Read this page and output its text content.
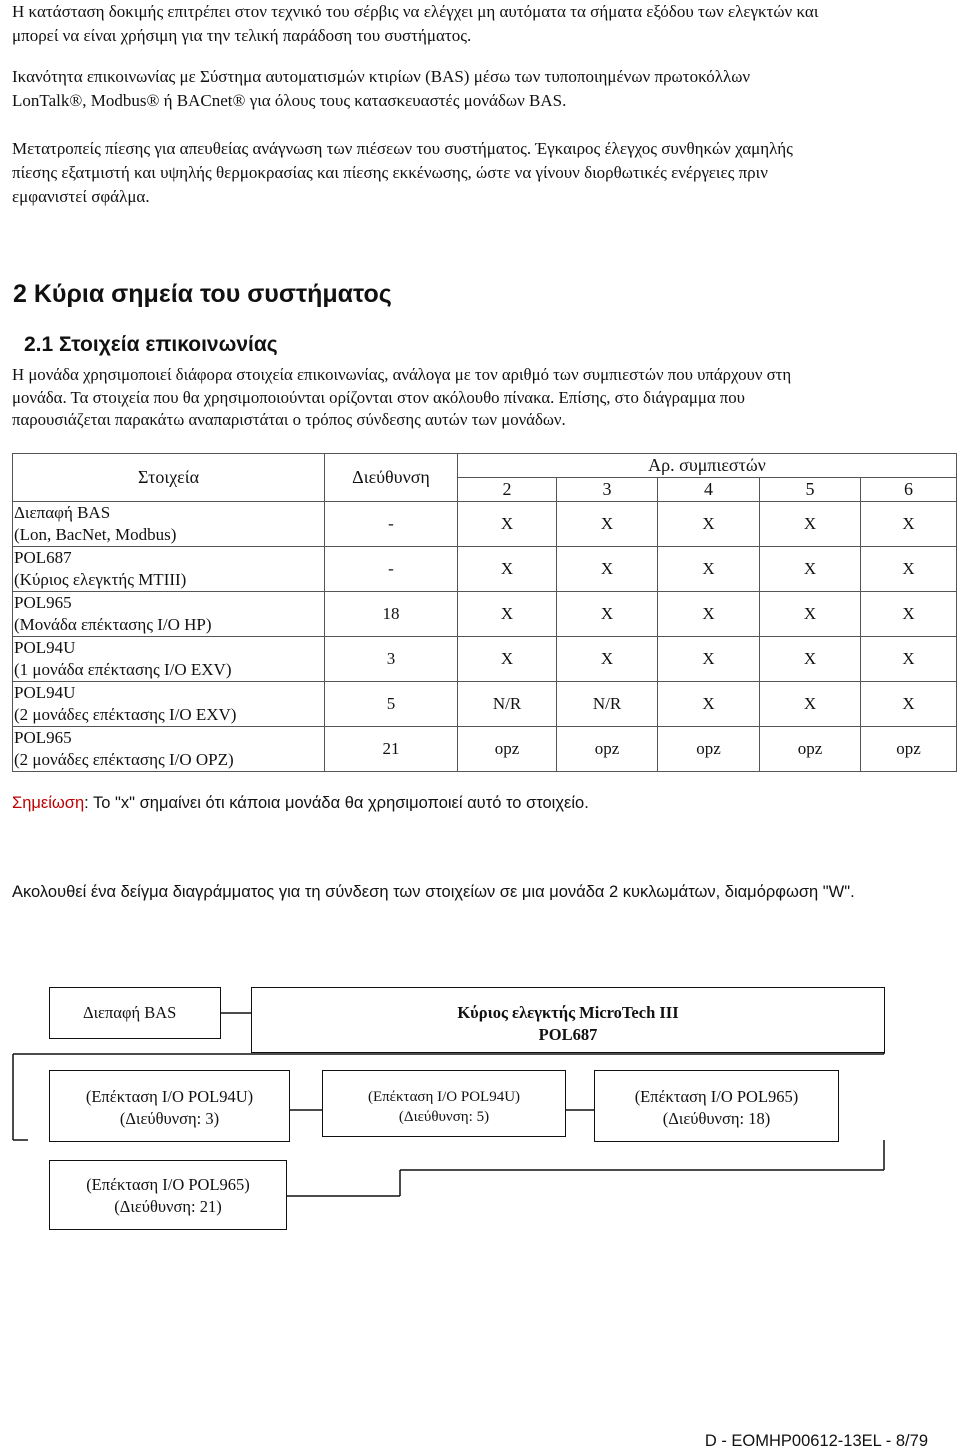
Η κατάσταση δοκιμής επιτρέπει στον τεχνικό του σέρβις να ελέγχει μη αυτόματα τα σήματα εξόδου των ελεγκτών και
μπορεί να είναι χρήσιμη για την τελική παράδοση του συστήματος.
Ικανότητα επικοινωνίας με Σύστημα αυτοματισμών κτιρίων (BAS) μέσω των τυποποιημένων πρωτοκόλλων
LonTalk®, Modbus® ή BACnet® για όλους τους κατασκευαστές μονάδων BAS.
Μετατροπείς πίεσης για απευθείας ανάγνωση των πιέσεων του συστήματος. Έγκαιρος έλεγχος συνθηκών χαμηλής
πίεσης εξατμιστή και υψηλής θερμοκρασίας και πίεσης εκκένωσης, ώστε να γίνουν διορθωτικές ενέργειες πριν
εμφανιστεί σφάλμα.
2 Κύρια σημεία του συστήματος
2.1 Στοιχεία επικοινωνίας
Η μονάδα χρησιμοποιεί διάφορα στοιχεία επικοινωνίας, ανάλογα με τον αριθμό των συμπιεστών που υπάρχουν στη
μονάδα. Τα στοιχεία που θα χρησιμοποιούνται ορίζονται στον ακόλουθο πίνακα. Επίσης, στο διάγραμμα που
παρουσιάζεται παρακάτω αναπαριστάται ο τρόπος σύνδεσης αυτών των μονάδων.
Στοιχεία	Διεύθυνση	Αρ. συμπιεστών				
		2	3	4	5	6

Διεπαφή BAS
(Lon, BacNet, Modbus)	-	X	X	X	X	X

POL687
(Κύριος ελεγκτής MTIII)	-	X	X	X	X	X

POL965
(Μονάδα επέκτασης I/O HP)	18	X	X	X	X	X

POL94U
(1 μονάδα επέκτασης I/O EXV)	3	X	X	X	X	X

POL94U
(2 μονάδες επέκτασης I/O EXV)	5	N/R	N/R	X	X	X

POL965
(2 μονάδες επέκτασης I/O OPZ)	21	opz	opz	opz	opz	opz

Σημείωση: Το "x" σημαίνει ότι κάποια μονάδα θα χρησιμοποιεί αυτό το στοιχείο.

Ακολουθεί ένα δείγμα διαγράμματος για τη σύνδεση των στοιχείων σε μια μονάδα 2 κυκλωμάτων, διαμόρφωση "W".
Διεπαφή BAS	Κύριος ελεγκτής MicroTech III
POL687
(Επέκταση I/O POL94U)
(Διεύθυνση: 3)
(Επέκταση I/O POL94U)
(Διεύθυνση: 5)
(Επέκταση I/O POL965)
(Διεύθυνση: 18)
(Επέκταση I/O POL965)
(Διεύθυνση: 21)
D - EOMHP00612-13EL - 8/79
